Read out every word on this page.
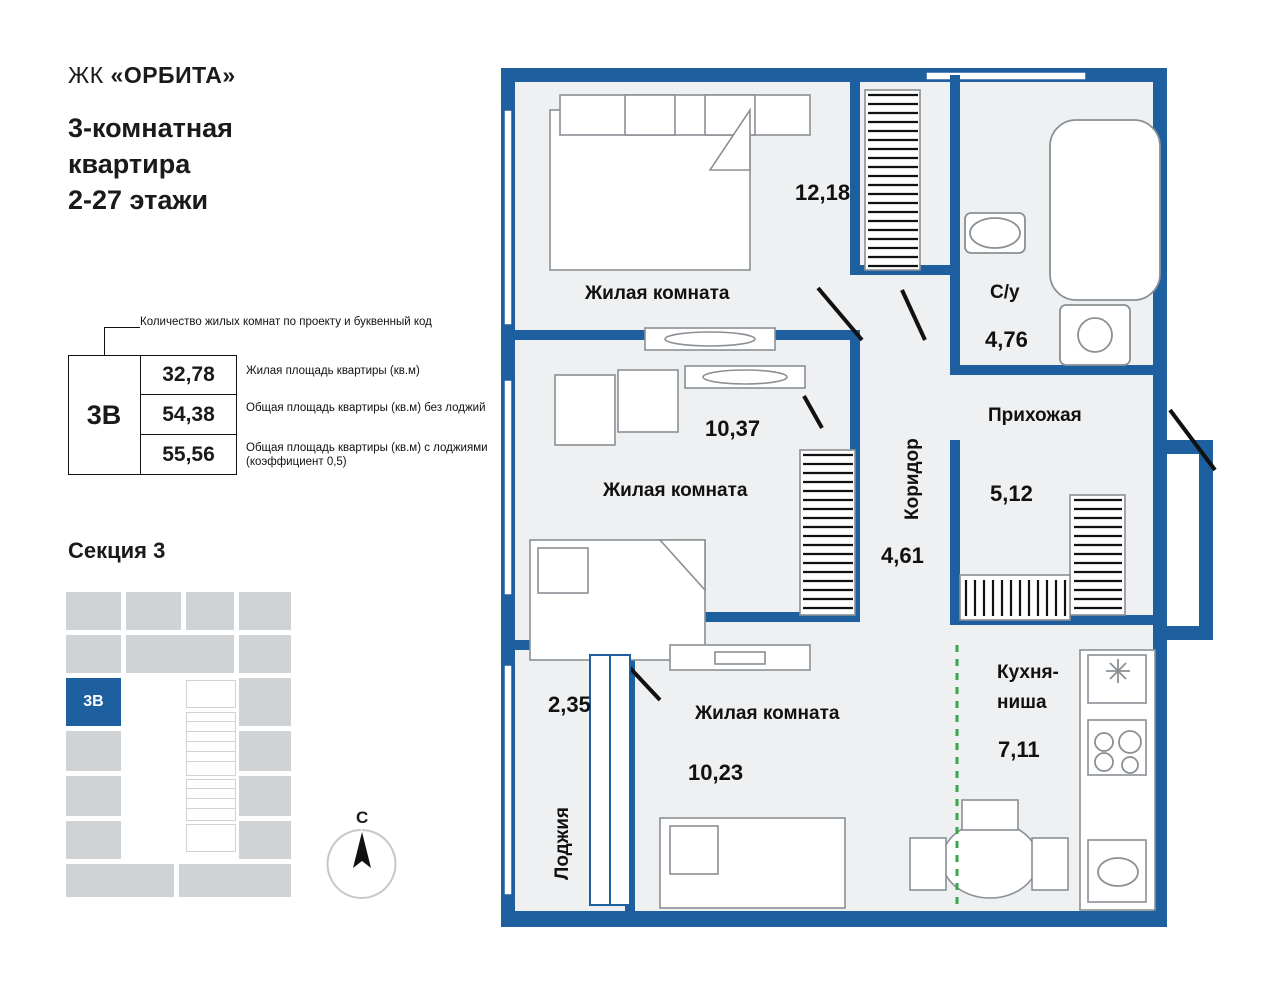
ЖК «ОРБИТА»
3-комнатная
квартира
2-27 этажи
Количество жилых комнат по проекту и буквенный код
3В
32,78
54,38
55,56
Жилая площадь квартиры (кв.м)
Общая площадь квартиры (кв.м) без лоджий
Общая площадь квартиры (кв.м) с лоджиями (коэффициент 0,5)
Секция 3
3В
С
12,18
Жилая комната
10,37
Жилая комната
10,23
Жилая комната
С/у
4,76
Прихожая
5,12
Коридор
4,61
Кухня-
ниша
7,11
2,35
Лоджия
